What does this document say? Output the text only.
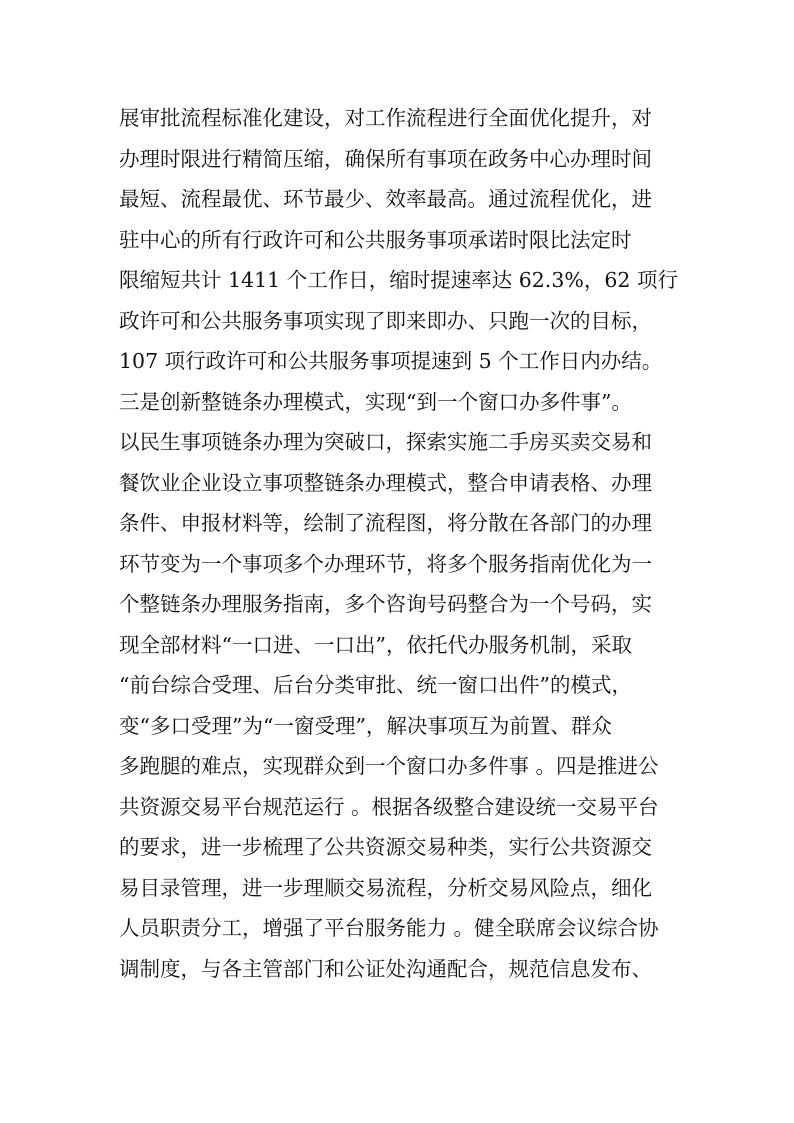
展审批流程标准化建设，对工作流程进行全面优化提升，对
办理时限进行精简压缩，确保所有事项在政务中心办理时间
最短、流程最优、环节最少、效率最高。通过流程优化，进
驻中心的所有行政许可和公共服务事项承诺时限比法定时
限缩短共计 1411 个工作日，缩时提速率达 62.3%，62 项行
政许可和公共服务事项实现了即来即办、只跑一次的目标，
107 项行政许可和公共服务事项提速到 5 个工作日内办结。
三是创新整链条办理模式，实现“到一个窗口办多件事”。
以民生事项链条办理为突破口，探索实施二手房买卖交易和
餐饮业企业设立事项整链条办理模式，整合申请表格、办理
条件、申报材料等，绘制了流程图，将分散在各部门的办理
环节变为一个事项多个办理环节，将多个服务指南优化为一
个整链条办理服务指南，多个咨询号码整合为一个号码，实
现全部材料“一口进、一口出”，依托代办服务机制，采取
“前台综合受理、后台分类审批、统一窗口出件”的模式，
变“多口受理”为“一窗受理”，解决事项互为前置、群众
多跑腿的难点，实现群众到一个窗口办多件事 。四是推进公
共资源交易平台规范运行 。根据各级整合建设统一交易平台
的要求，进一步梳理了公共资源交易种类，实行公共资源交
易目录管理，进一步理顺交易流程，分析交易风险点，细化
人员职责分工，增强了平台服务能力 。健全联席会议综合协
调制度，与各主管部门和公证处沟通配合，规范信息发布、
